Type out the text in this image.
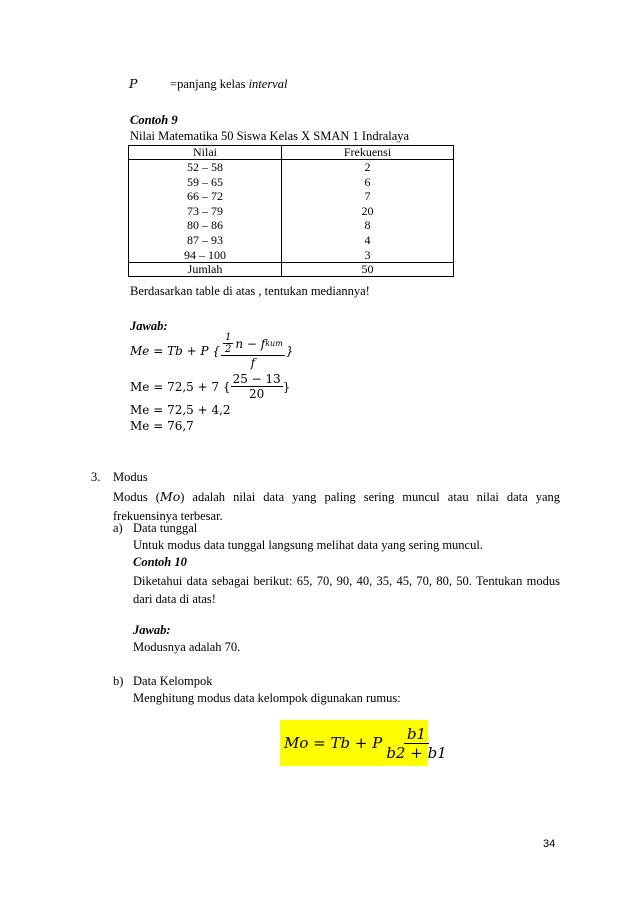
P	=panjang kelas interval
Contoh 9
Nilai Matematika 50 Siswa Kelas X SMAN 1 Indralaya
Nilai	Frekuensi
52 – 58	2
59 – 65	6
66 – 72	7
73 – 79	20
80 – 86	8
87 – 93	4
94 – 100	3
Jumlah	50
Berdasarkan table di atas , tentukan mediannya!
Jawab:
Me = Tb + P { $\frac{\frac{1}{2} n - f kum}{f}$ }
Me = 72,5 + 7 { $\frac{25 - 13}{20}$ }
Me = 72,5 + 4,2
Me = 76,7
3. Modus
Modus (Mo) adalah nilai data yang paling sering muncul atau nilai data yang frekuensinya terbesar.
a) Data tunggal
Untuk modus data tunggal langsung melihat data yang sering muncul.
Contoh 10
Diketahui data sebagai berikut: 65, 70, 90, 40, 35, 45, 70, 80, 50. Tentukan modus dari data di atas!
Jawab:
Modusnya adalah 70.
b) Data Kelompok
Menghitung modus data kelompok digunakan rumus:
Mo = Tb + P $\frac{b1}{b2 + b1}$
34
